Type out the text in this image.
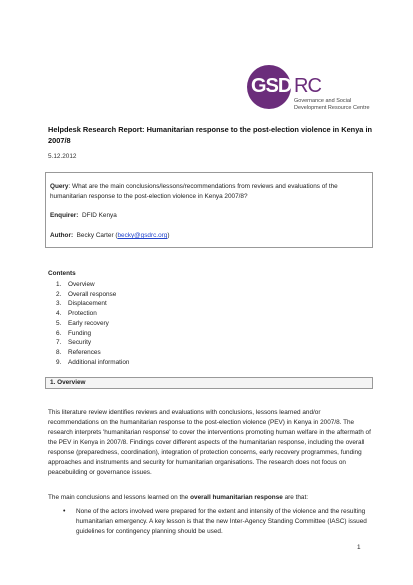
GSD RC
Governance and Social
Development Resource Centre
Helpdesk Research Report: Humanitarian response to the post-election violence in Kenya in 2007/8
5.12.2012
Query: What are the main conclusions/lessons/recommendations from reviews and evaluations of the humanitarian response to the post-election violence in Kenya 2007/8?
Enquirer: DFID Kenya
Author: Becky Carter (becky@gsdrc.org)
Contents
1. Overview
2. Overall response
3. Displacement
4. Protection
5. Early recovery
6. Funding
7. Security
8. References
9. Additional information
1. Overview
This literature review identifies reviews and evaluations with conclusions, lessons learned and/or recommendations on the humanitarian response to the post-election violence (PEV) in Kenya in 2007/8. The research interprets 'humanitarian response' to cover the interventions promoting human welfare in the aftermath of the PEV in Kenya in 2007/8. Findings cover different aspects of the humanitarian response, including the overall response (preparedness, coordination), integration of protection concerns, early recovery programmes, funding approaches and instruments and security for humanitarian organisations. The research does not focus on peacebuilding or governance issues.
The main conclusions and lessons learned on the overall humanitarian response are that:
• None of the actors involved were prepared for the extent and intensity of the violence and the resulting humanitarian emergency. A key lesson is that the new Inter-Agency Standing Committee (IASC) issued guidelines for contingency planning should be used.
1
